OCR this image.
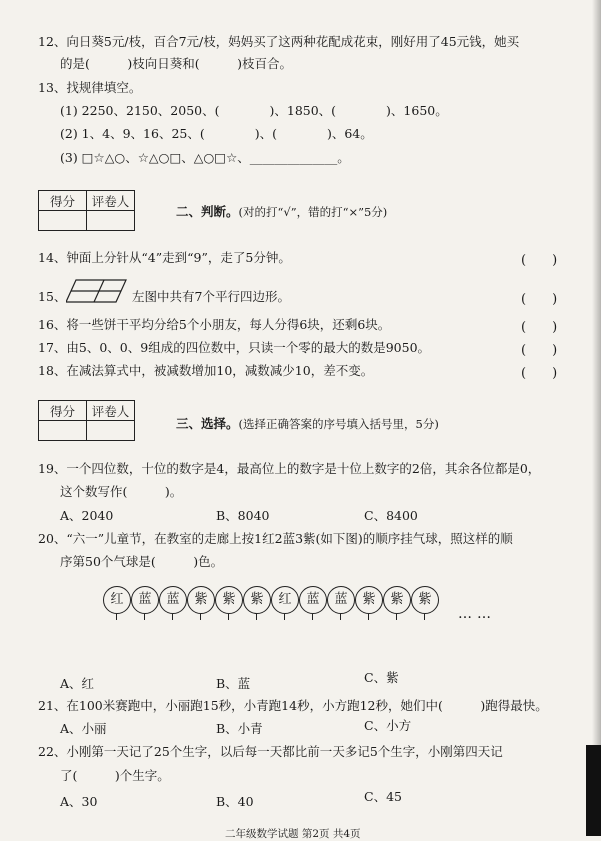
12、向日葵5元/枝，百合7元/枝，妈妈买了这两种花配成花束，刚好用了45元钱，她买
的是(　　　)枝向日葵和(　　　)枝百合。
13、找规律填空。
(1) 2250、2150、2050、(　　　　)、1850、(　　　　)、1650。
(2) 1、4、9、16、25、(　　　　)、(　　　　)、64。
(3) □☆△○、☆△○□、△○□☆、______________。
得分	评卷人

二、判断。(对的打“√”，错的打“×”5分)
14、钟面上分针从“4”走到“9”，走了5分钟。	(　　)
15、	左图中共有7个平行四边形。	(　　)
16、将一些饼干平均分给5个小朋友，每人分得6块，还剩6块。	(　　)
17、由5、0、0、9组成的四位数中，只读一个零的最大的数是9050。	(　　)
18、在减法算式中，被减数增加10，减数减少10，差不变。	(　　)
得分	评卷人

三、选择。(选择正确答案的序号填入括号里，5分)
19、一个四位数，十位的数字是4，最高位上的数字是十位上数字的2倍，其余各位都是0，
这个数写作(　　　)。
A、2040	B、8040	C、8400
20、“六一”儿童节，在教室的走廊上按1红2蓝3紫(如下图)的顺序挂气球，照这样的顺
序第50个气球是(　　　)色。
红	蓝	蓝	紫	紫	紫	红	蓝	蓝	紫	紫	紫
……
A、红	B、蓝	C、紫
21、在100米赛跑中，小丽跑15秒，小青跑14秒，小方跑12秒，她们中(　　　)跑得最快。
A、小丽	B、小青	C、小方
22、小刚第一天记了25个生字，以后每一天都比前一天多记5个生字，小刚第四天记
了(　　　)个生字。
A、30	B、40	C、45
二年级数学试题 第2页 共4页
